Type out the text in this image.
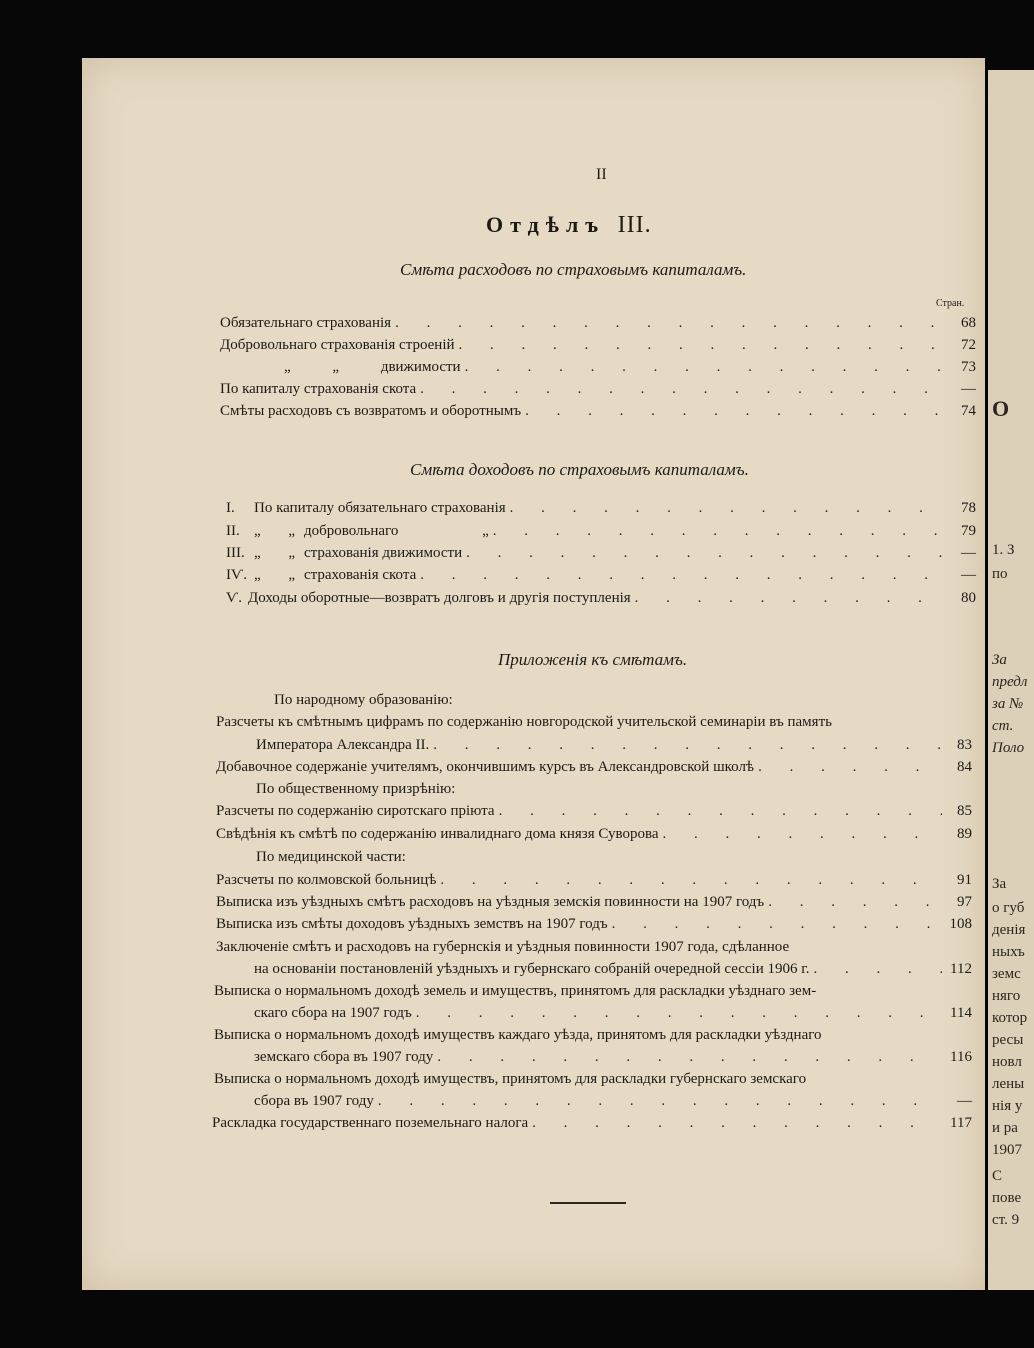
О
1. З
по
За
предл
за №
ст.
Поло
За
о губ
денія
ныхъ
земс
няго
котор
ресы
новл
лены
нія у
и ра
1907
С
пове
ст. 9
II
Отдѣлъ III.
Смѣта расходовъ по страховымъ капиталамъ.
Стран.
Обязательнаго страхованія . . .	68
Добровольнаго страхованія строеній . . .	72
„ „ движимости . . .	73
По капиталу страхованія скота . . .	—
Смѣты расходовъ съ возвратомъ и оборотнымъ . . .	74
Смѣта доходовъ по страховымъ капиталамъ.
I. По капиталу обязательнаго страхованія . . .	78
II. „ „ добровольнаго „ . . .	79
III. „ „ страхованія движимости . . .	—
IѴ. „ „ страхованія скота . . .	—
Ѵ. Доходы оборотные—возвратъ долговъ и другія поступленія . . .	80
Приложенія къ смѣтамъ.
По народному образованію:
Разсчеты къ смѣтнымъ цифрамъ по содержанію новгородской учительской семинаріи въ память
Императора Александра II. . . .	83
Добавочное содержаніе учителямъ, окончившимъ курсъ въ Александровской школѣ . . .	84
По общественному призрѣнію:
Разсчеты по содержанію сиротскаго пріюта . . .	85
Свѣдѣнія къ смѣтѣ по содержанію инвалиднаго дома князя Суворова . . .	89
По медицинской части:
Разсчеты по колмовской больницѣ . . .	91
Выписка изъ уѣздныхъ смѣтъ расходовъ на уѣздныя земскія повинности на 1907 годъ . . .	97
Выписка изъ смѣты доходовъ уѣздныхъ земствъ на 1907 годъ . . .	108
Заключеніе смѣтъ и расходовъ на губернскія и уѣздныя повинности 1907 года, сдѣланное
на основаніи постановленій уѣздныхъ и губернскаго собраній очередной сессіи 1906 г. . . .	112
Выписка о нормальномъ доходѣ земель и имуществъ, принятомъ для раскладки уѣзднаго зем-
скаго сбора на 1907 годъ . . .	114
Выписка о нормальномъ доходѣ имуществъ каждаго уѣзда, принятомъ для раскладки уѣзднаго
земскаго сбора въ 1907 году . . .	116
Выписка о нормальномъ доходѣ имуществъ, принятомъ для раскладки губернскаго земскаго
сбора въ 1907 году . . .	—
Раскладка государственнаго поземельнаго налога . . .	117
